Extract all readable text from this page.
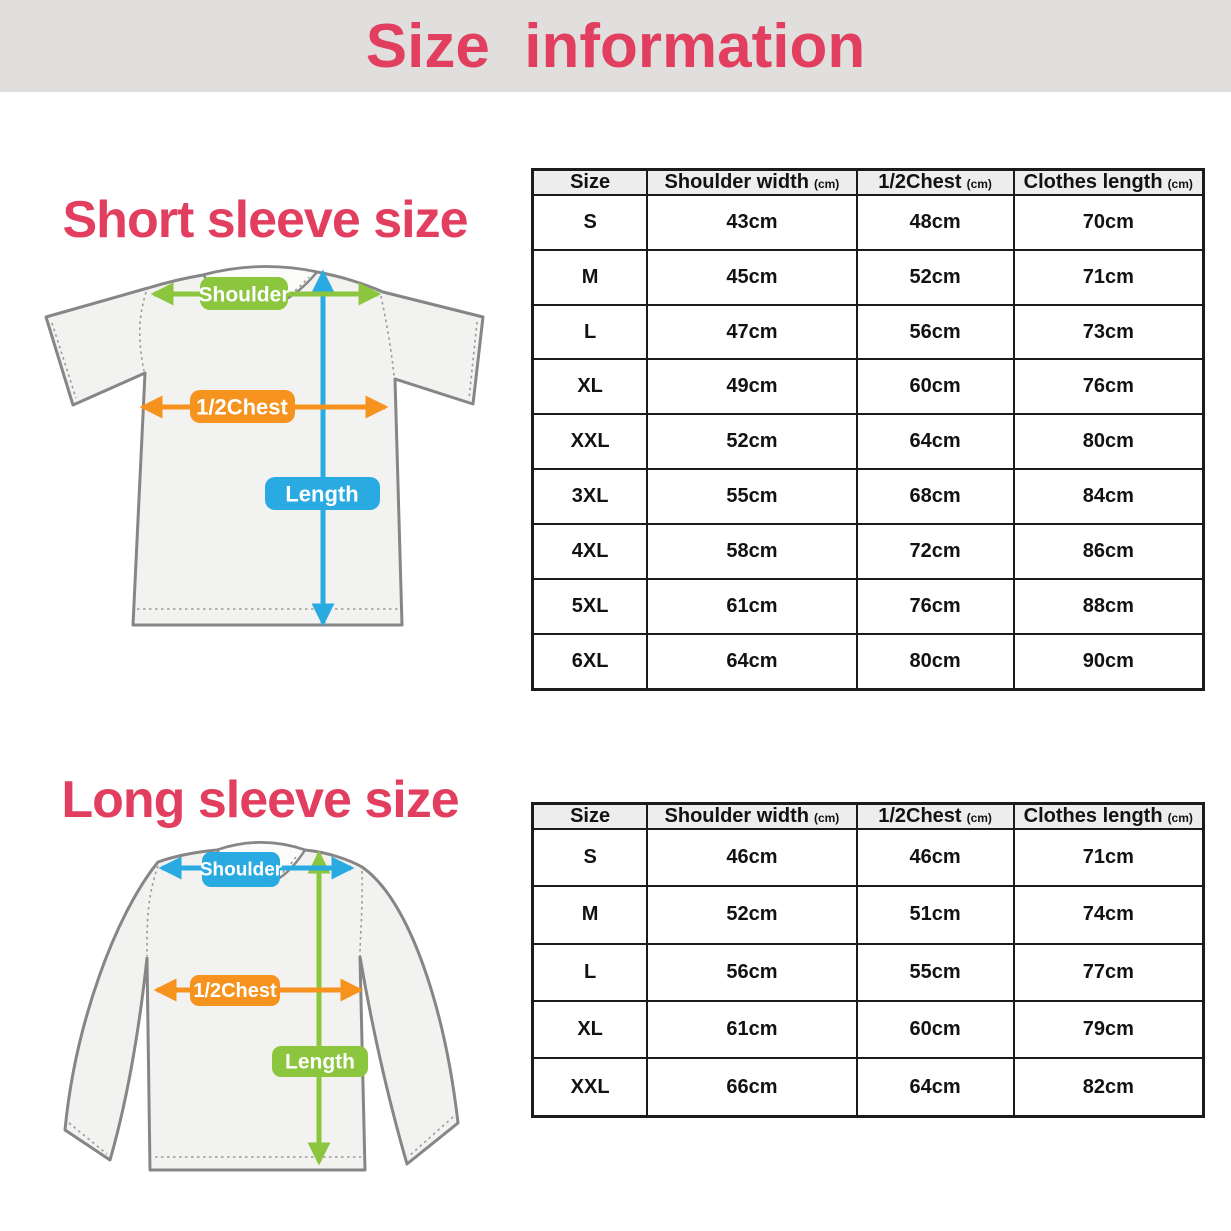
Size  information
Short sleeve size
Shoulder
1/2Chest
Length
Size	Shoulder width (cm)	1/2Chest (cm)	Clothes length (cm)
S	43cm	48cm	70cm
M	45cm	52cm	71cm
L	47cm	56cm	73cm
XL	49cm	60cm	76cm
XXL	52cm	64cm	80cm
3XL	55cm	68cm	84cm
4XL	58cm	72cm	86cm
5XL	61cm	76cm	88cm
6XL	64cm	80cm	90cm
Long sleeve size
Shoulder
1/2Chest
Length
Size	Shoulder width (cm)	1/2Chest (cm)	Clothes length (cm)
S	46cm	46cm	71cm
M	52cm	51cm	74cm
L	56cm	55cm	77cm
XL	61cm	60cm	79cm
XXL	66cm	64cm	82cm
